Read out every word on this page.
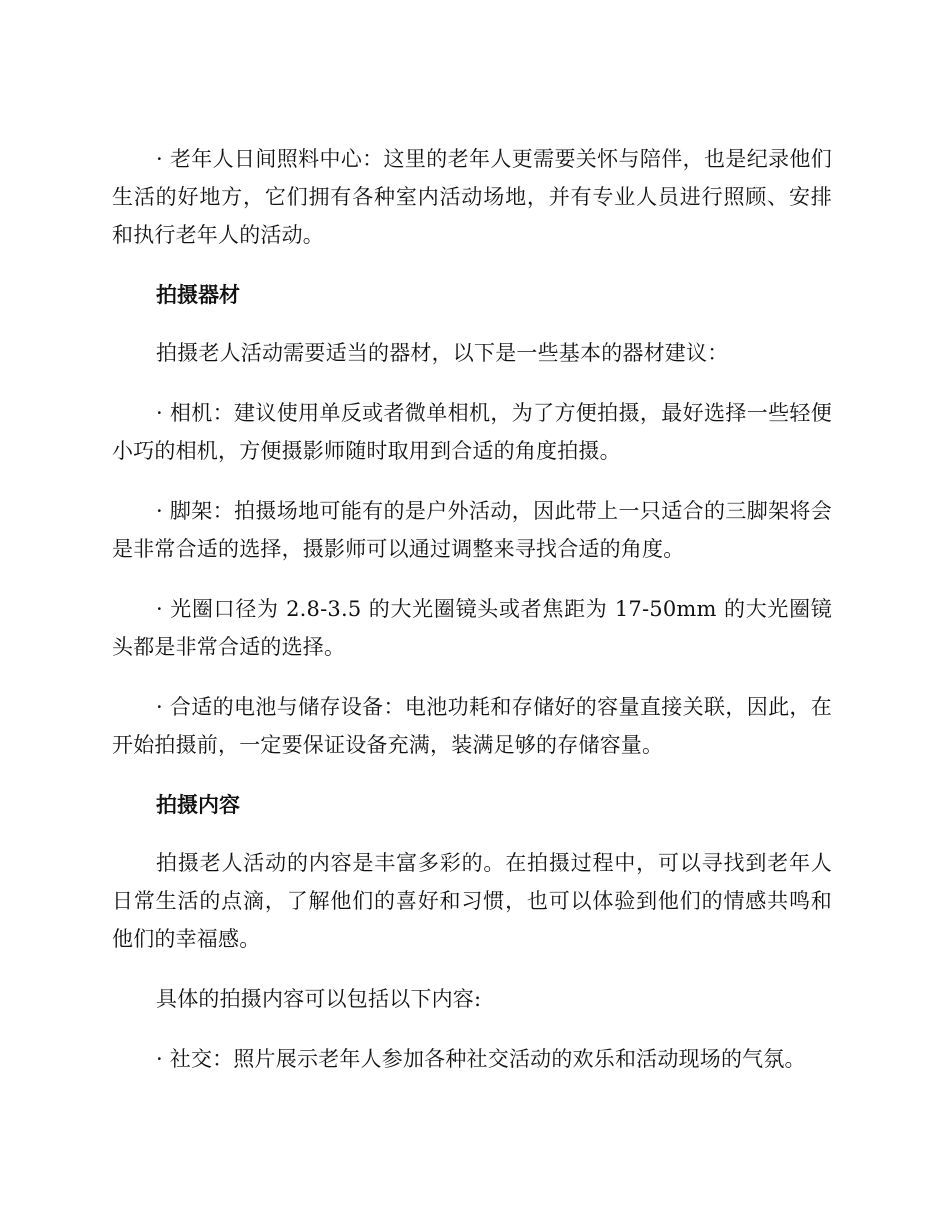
· 老年人日间照料中心：这里的老年人更需要关怀与陪伴，也是纪录他们生活的好地方，它们拥有各种室内活动场地，并有专业人员进行照顾、安排和执行老年人的活动。

拍摄器材

拍摄老人活动需要适当的器材，以下是一些基本的器材建议：

· 相机：建议使用单反或者微单相机，为了方便拍摄，最好选择一些轻便小巧的相机，方便摄影师随时取用到合适的角度拍摄。

· 脚架：拍摄场地可能有的是户外活动，因此带上一只适合的三脚架将会是非常合适的选择，摄影师可以通过调整来寻找合适的角度。

· 光圈口径为 2.8-3.5 的大光圈镜头或者焦距为 17-50mm 的大光圈镜头都是非常合适的选择。

· 合适的电池与储存设备：电池功耗和存储好的容量直接关联，因此，在开始拍摄前，一定要保证设备充满，装满足够的存储容量。

拍摄内容

拍摄老人活动的内容是丰富多彩的。在拍摄过程中，可以寻找到老年人日常生活的点滴，了解他们的喜好和习惯，也可以体验到他们的情感共鸣和他们的幸福感。

具体的拍摄内容可以包括以下内容:

· 社交：照片展示老年人参加各种社交活动的欢乐和活动现场的气氛。
